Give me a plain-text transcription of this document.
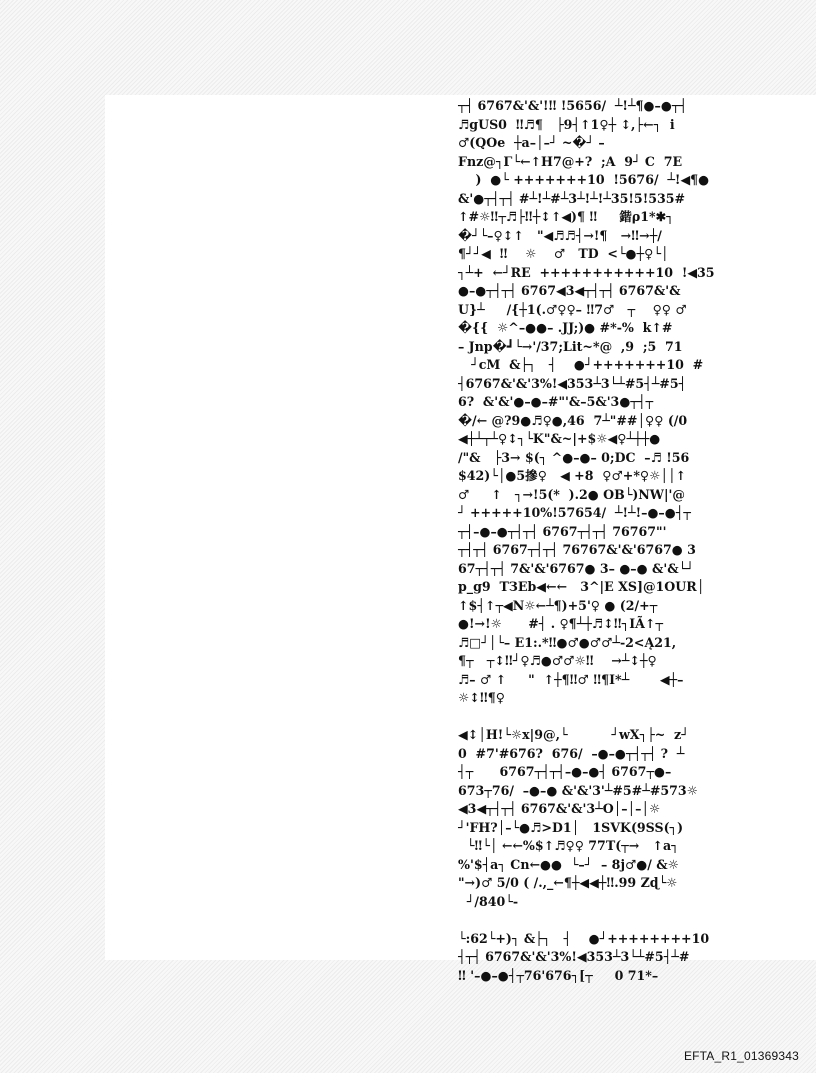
┬┤ 6767&'&'!‼ !5656/  ┴!┴¶●–●┬┤
♬gUS0  ‼♬¶   ├9┤↑1♀┼ ↕,├←┐  i
♂(QOe  ┼a–│–┘ ~�┘ –
Fnz@┐Γ└←↑H7@+?  ;A  9┘ C  7E
)  ●└ +++++++10  !5676/  ┴!◀¶●
&'●┬┤┬┤ #┴!┴#┴3┴!┴!┴35!5!535#
↑#☼‼┬♬├‼┼↕↑◀)¶ ‼     鍇ρ1*✱┐
�┘└–♀↕↑   "◀♬♬┤→!¶   →‼→┼/
¶┘┘◀  ‼    ☼    ♂   TD  <└●┼♀└│
┐┴+  ←┘RE  +++++++++++10  !◀35
●–●┬┤┬┤ 6767◀3◀┬┤┬┤ 6767&'&
U}┴     /{┼1(.♂♀♀– ‼7♂   ┬    ♀♀ ♂
�{{  ☼^–●●– .JJ;)● #*-%  k↑#
– Jnp�┛└→'/37;Lit~*@  ,9  ;5  71
┘cM  &├┐   ┤    ●┘+++++++10  #
┤6767&'&'3%!◀353┴3└┴#5┤┴#5┤
6?  &'&'●–●–#"'&–5&'3●┬┤┬
�/← @?9●♬♀●,46  7┴"##│♀♀ (/0
◀┼┴┬┴♀↕┐└K"&~|+$☼◀♀┴┼┼●
/"&   ├3→ $(┐ ^●–●– 0;DC  –♬ !56
$42)└│●5摻♀   ◀ +8  ♀♂+*♀☼││↑
♂     ↑   ┐→!5(*  ).2● OB└)NW|'@
┘ +++++10%!57654/  ┴!┴!–●–●┤┬
┬┤–●–●┬┤┬┤ 6767┬┤┬┤ 76767"'
┬┤┬┤ 6767┬┤┬┤ 76767&'&'6767● 3
67┬┤┬┤ 7&'&'6767● 3– ●–● &'&└┘
p_g9  TЗEb◀←←   3^|E XS]@1OUR│
↑$┤↑┬◀N☼←┴¶)+5'♀ ● (2/+┬
●!→!☼      #┤ . ♀¶┴┼♬↕‼┐IÃ↑┬
♬□┘│└– E1:.*‼●♂●♂♂┴-2<Ą21,
¶┬   ┬↕‼┘♀♬●♂♂☼‼    →┴↕┼♀
♬– ♂ ↑     "  ↑┼¶‼♂ ‼¶I*┴       ◀┼–
☼↕‼¶♀
◀↕│H!└☼x|9@,└          ┘wX┐├~  z┘
0  #7'#676?  676/  –●–●┬┤┬┤ ?  ┴
┤┬      6767┬┤┬┤–●–●┤ 6767┬●–
673┬76/  –●–● &'&'3'┴#5#┴#573☼
◀3◀┬┤┬┤ 6767&'&'3┴O│–│–│☼
┘'FH?│–└●♬>D1│   1SVK(9SS(┐)
└‼└│ ←←%$↑♬♀♀ 77T(┬→   ↑a┐
%'$┤a┐ Cn←●●  └–┘  – 8j♂●/ &☼
"→)♂ 5/0 ( /.,_←¶┼◀◀┼‼.99 Zɖ└☼
┘/840└-
└:62└+)┐ &├┐   ┤    ●┘++++++++10
┤┬┤ 6767&'&'3%!◀353┴3└┴#5┤┴#
‼ '–●–●┤┬76'676┐[┬     0 71*–
EFTA_R1_01369343
